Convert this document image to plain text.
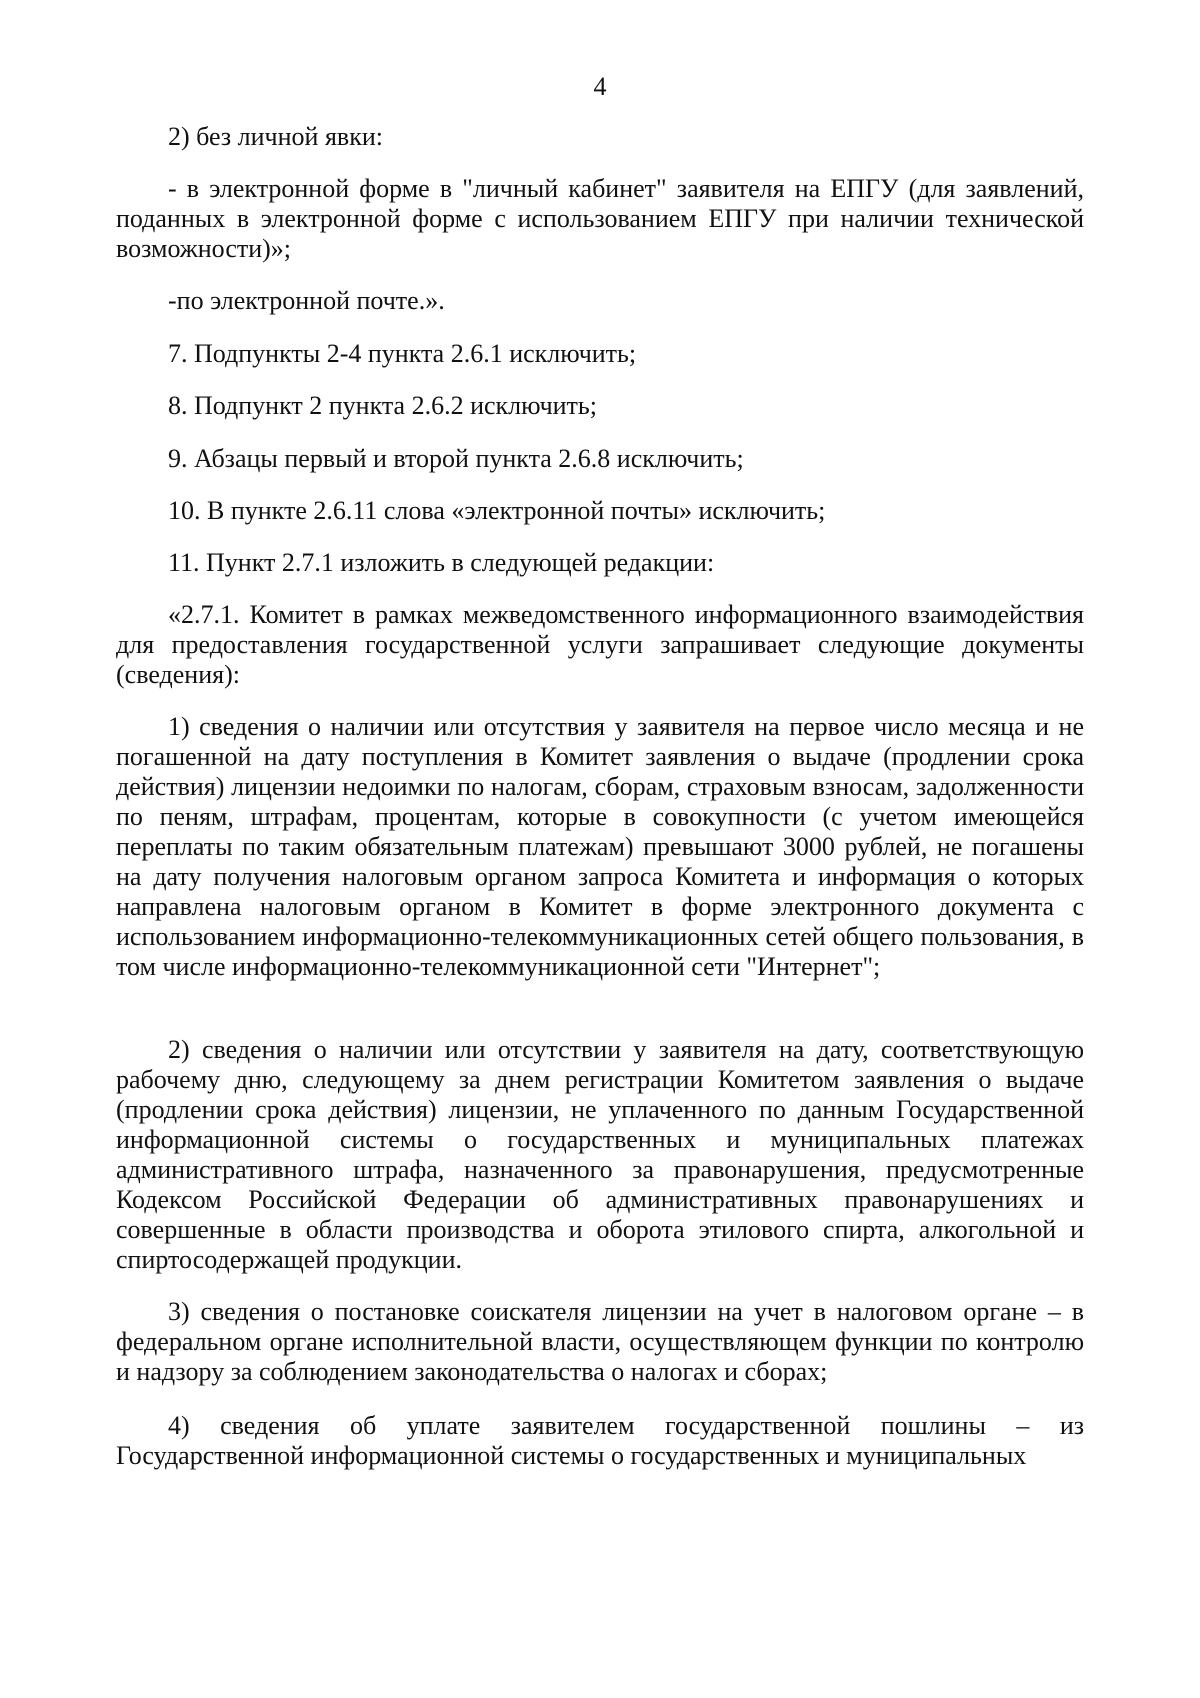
4
2) без личной явки:
- в электронной форме в "личный кабинет" заявителя на ЕПГУ (для заявлений, поданных в электронной форме с использованием ЕПГУ при наличии технической возможности)»;
-по электронной почте.».
7. Подпункты 2-4 пункта 2.6.1 исключить;
8. Подпункт 2 пункта 2.6.2 исключить;
9. Абзацы первый и второй пункта 2.6.8 исключить;
10. В пункте 2.6.11 слова «электронной почты» исключить;
11. Пункт 2.7.1 изложить в следующей редакции:
«2.7.1. Комитет в рамках межведомственного информационного взаимодействия для предоставления государственной услуги запрашивает следующие документы (сведения):
1) сведения о наличии или отсутствия у заявителя на первое число месяца и не погашенной на дату поступления в Комитет заявления о выдаче (продлении срока действия) лицензии недоимки по налогам, сборам, страховым взносам, задолженности по пеням, штрафам, процентам, которые в совокупности (с учетом имеющейся переплаты по таким обязательным платежам) превышают 3000 рублей, не погашены на дату получения налоговым органом запроса Комитета и информация о которых направлена налоговым органом в Комитет в форме электронного документа с использованием информационно-телекоммуникационных сетей общего пользования, в том числе информационно-телекоммуникационной сети "Интернет";
2) сведения о наличии или отсутствии у заявителя на дату, соответствующую рабочему дню, следующему за днем регистрации Комитетом заявления о выдаче (продлении срока действия) лицензии, не уплаченного по данным Государственной информационной системы о государственных и муниципальных платежах административного штрафа, назначенного за правонарушения, предусмотренные Кодексом Российской Федерации об административных правонарушениях и совершенные в области производства и оборота этилового спирта, алкогольной и спиртосодержащей продукции.
3) сведения о постановке соискателя лицензии на учет в налоговом органе – в федеральном органе исполнительной власти, осуществляющем функции по контролю и надзору за соблюдением законодательства о налогах и сборах;
4) сведения об уплате заявителем государственной пошлины – из Государственной информационной системы о государственных и муниципальных
